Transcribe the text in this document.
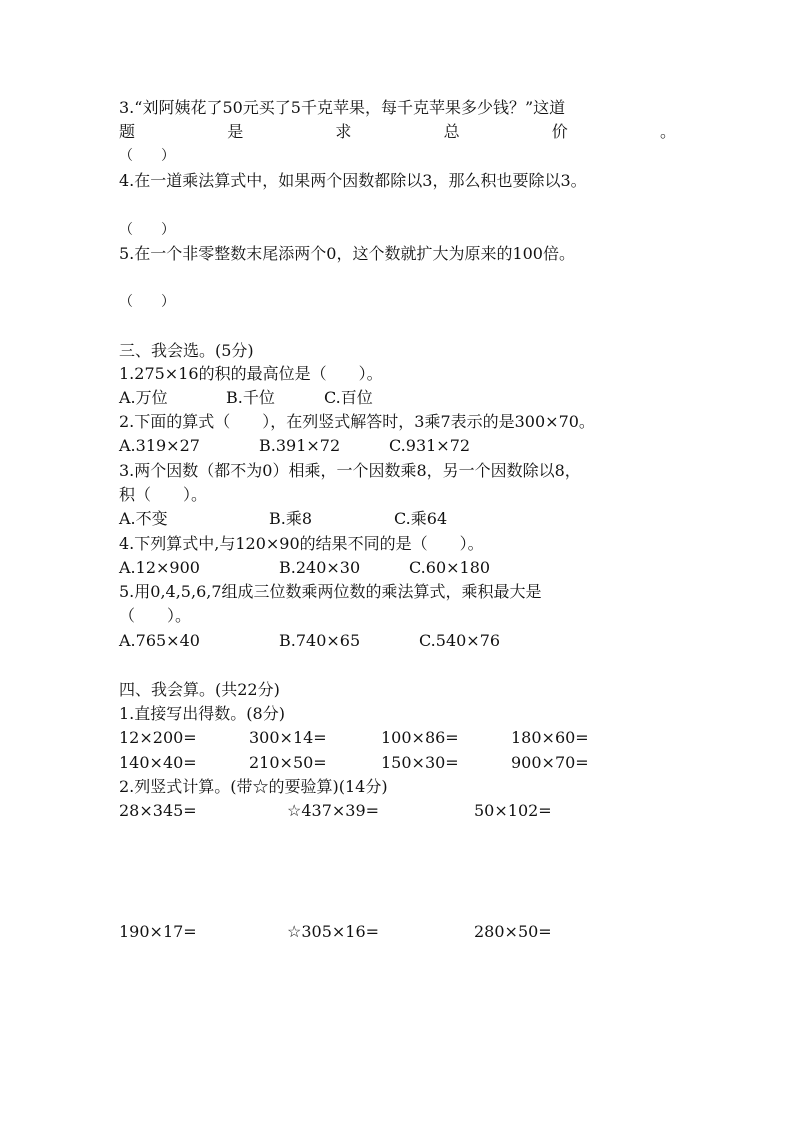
3.“刘阿姨花了50元买了5千克苹果，每千克苹果多少钱？”这道
题	是	求	总	价	。
（　　）
4.在一道乘法算式中，如果两个因数都除以3，那么积也要除以3。
（　　）
5.在一个非零整数末尾添两个0，这个数就扩大为原来的100倍。
（　　）
三、我会选。(5分)
1.275×16的积的最高位是（　　）。
A.万位	B.千位	C.百位
2.下面的算式（　　），在列竖式解答时，3乘7表示的是300×70。
A.319×27	B.391×72	C.931×72
3.两个因数（都不为0）相乘，一个因数乘8，另一个因数除以8，
积（　　）。
A.不变	B.乘8	C.乘64
4.下列算式中,与120×90的结果不同的是（　　）。
A.12×900	B.240×30	C.60×180
5.用0,4,5,6,7组成三位数乘两位数的乘法算式，乘积最大是
（　　）。
A.765×40	B.740×65	C.540×76
四、我会算。(共22分)
1.直接写出得数。(8分)
12×200=	300×14=	100×86=	180×60=
140×40=	210×50=	150×30=	900×70=
2.列竖式计算。(带☆的要验算)(14分)
28×345=	☆437×39=	50×102=
190×17=	☆305×16=	280×50=
